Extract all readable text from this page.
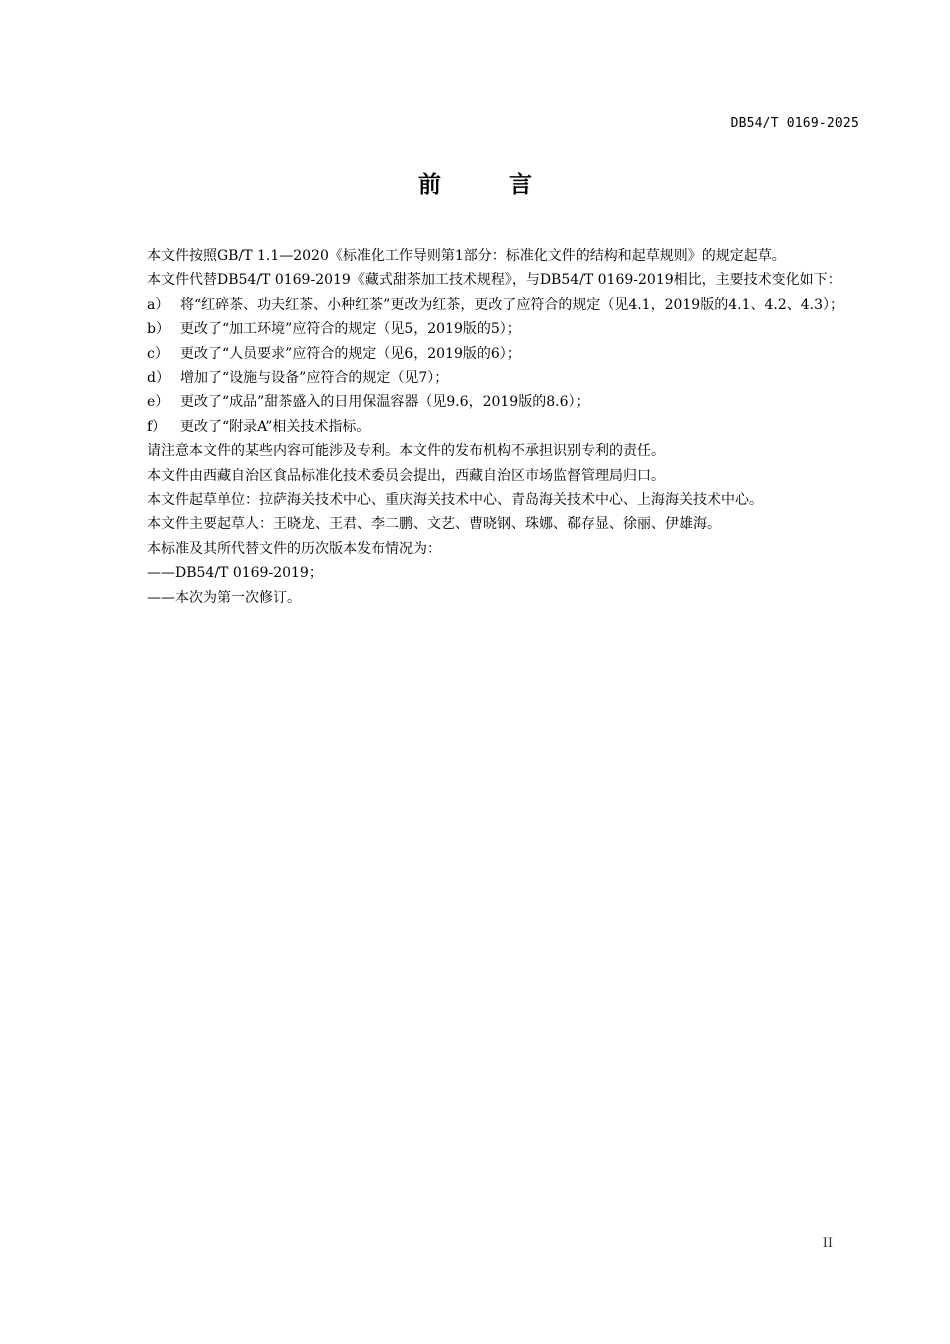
DB54/T 0169-2025
前 言

本文件按照GB/T 1.1—2020《标准化工作导则第1部分：标准化文件的结构和起草规则》的规定起草。

本文件代替DB54/T 0169-2019《藏式甜茶加工技术规程》，与DB54/T 0169-2019相比，主要技术变化如下：

a） 将“红碎茶、功夫红茶、小种红茶”更改为红茶，更改了应符合的规定（见4.1，2019版的4.1、4.2、4.3）；

b） 更改了“加工环境”应符合的规定（见5，2019版的5）；

c） 更改了“人员要求”应符合的规定（见6，2019版的6）；

d） 增加了“设施与设备”应符合的规定（见7）；

e） 更改了“成品”甜茶盛入的日用保温容器（见9.6，2019版的8.6）；

f） 更改了“附录A”相关技术指标。

请注意本文件的某些内容可能涉及专利。本文件的发布机构不承担识别专利的责任。

本文件由西藏自治区食品标准化技术委员会提出，西藏自治区市场监督管理局归口。

本文件起草单位：拉萨海关技术中心、重庆海关技术中心、青岛海关技术中心、上海海关技术中心。

本文件主要起草人：王晓龙、王君、李二鹏、文艺、曹晓钢、珠娜、郗存显、徐丽、伊雄海。

本标准及其所代替文件的历次版本发布情况为：

——DB54/T 0169-2019；

——本次为第一次修订。

II
